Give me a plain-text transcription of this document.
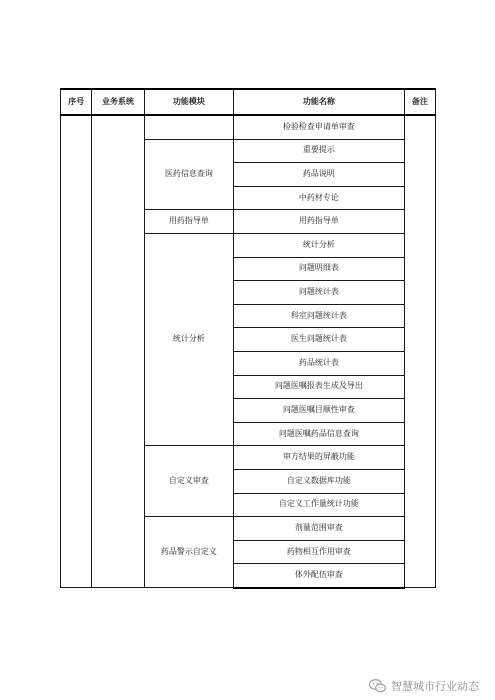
序号	业务系统	功能模块	功能名称	备注
			检验检查申请单审查	
		医药信息查询	重要提示	
			药品说明	
			中药材专论	
		用药指导单	用药指导单	
		统计分析	统计分析	
			问题明细表	
			问题统计表	
			科室问题统计表	
			医生问题统计表	
			药品统计表	
			问题医嘱报表生成及导出	
			问题医嘱目顺性审查	
			问题医嘱药品信息查询	
		自定义审查	审方结果的屏蔽功能	
			自定义数据库功能	
			自定义工作量统计功能	
		药品警示自定义	剂量范围审查	
			药物相互作用审查	
			体外配伍审查	
智慧城市行业动态
